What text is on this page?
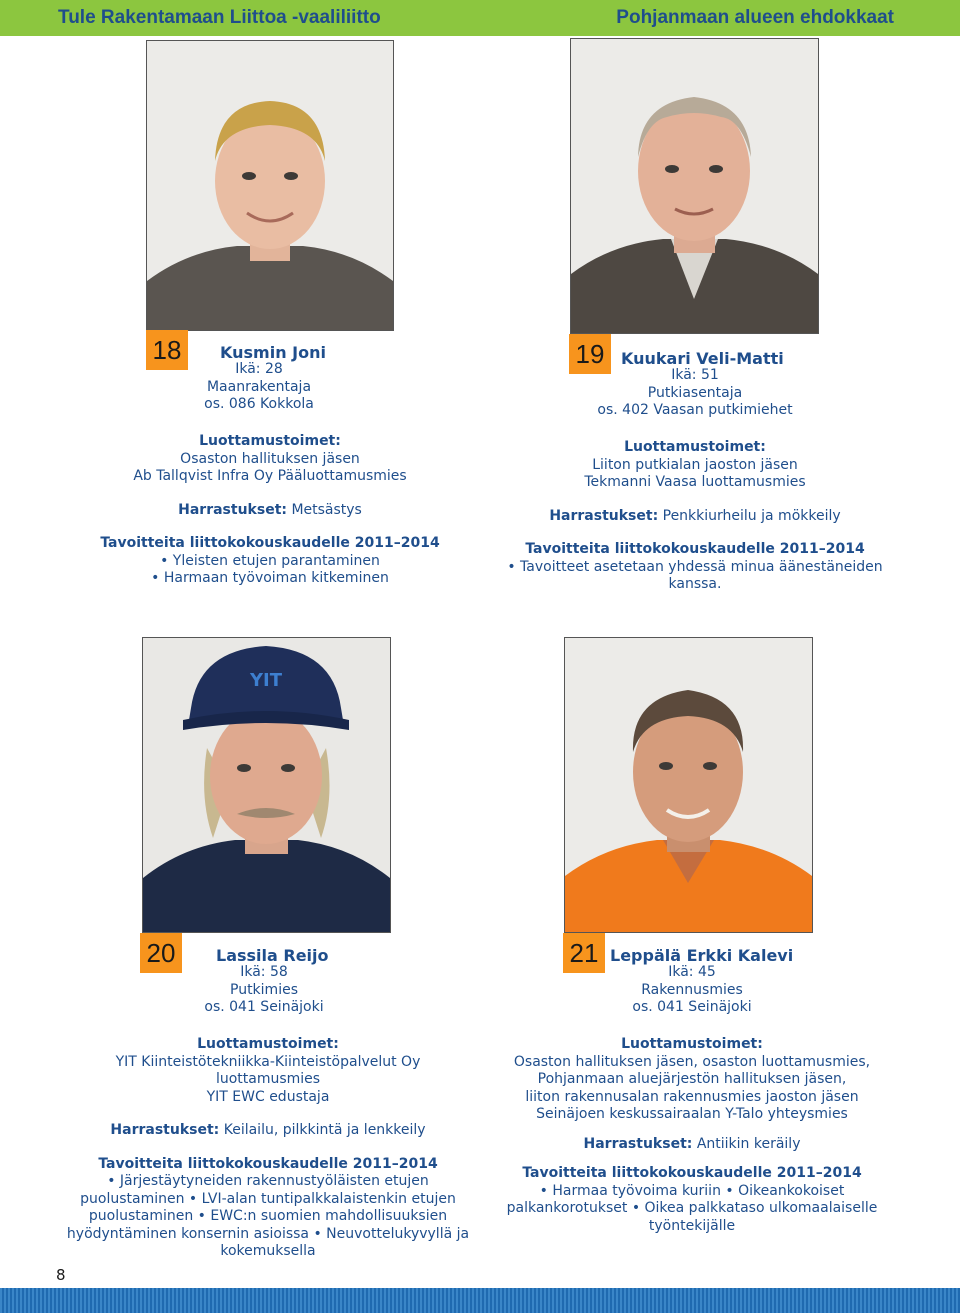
Tule Rakentamaan Liittoa -vaaliliitto	Pohjanmaan alueen ehdokkaat
18	Kusmin Joni

Ikä: 28

Maanrakentaja

os. 086 Kokkola

Luottamustoimet:

Osaston hallituksen jäsen

Ab Tallqvist Infra Oy Pääluottamusmies

Harrastukset: Metsästys

Tavoitteita liittokokouskaudelle 2011–2014

• Yleisten etujen parantaminen

• Harmaan työvoiman kitkeminen

19	Kuukari Veli-Matti

Ikä: 51

Putkiasentaja

os. 402 Vaasan putkimiehet

Luottamustoimet:

Liiton putkialan jaoston jäsen

Tekmanni Vaasa luottamusmies

Harrastukset: Penkkiurheilu ja mökkeily

Tavoitteita liittokokouskaudelle 2011–2014

• Tavoitteet asetetaan yhdessä minua äänestäneiden

kanssa.

YIT
20	Lassila Reijo

Ikä: 58

Putkimies

os. 041 Seinäjoki

Luottamustoimet:

YIT Kiinteistötekniikka-Kiinteistöpalvelut Oy

luottamusmies

YIT EWC edustaja

Harrastukset: Keilailu, pilkkintä ja lenkkeily

Tavoitteita liittokokouskaudelle 2011–2014

• Järjestäytyneiden rakennustyöläisten etujen

puolustaminen • LVI-alan tuntipalkkalaistenkin etujen

puolustaminen • EWC:n suomien mahdollisuuksien

hyödyntäminen konsernin asioissa • Neuvottelukyvyllä ja

kokemuksella

21 Leppälä Erkki Kalevi

Ikä: 45

Rakennusmies

os. 041 Seinäjoki

Luottamustoimet:

Osaston hallituksen jäsen, osaston luottamusmies,

Pohjanmaan aluejärjestön hallituksen jäsen,

liiton rakennusalan rakennusmies jaoston jäsen

Seinäjoen keskussairaalan Y-Talo yhteysmies

Harrastukset: Antiikin keräily

Tavoitteita liittokokouskaudelle 2011–2014

• Harmaa työvoima kuriin • Oikeankokoiset

palkankorotukset • Oikea palkkataso ulkomaalaiselle

työntekijälle

8
